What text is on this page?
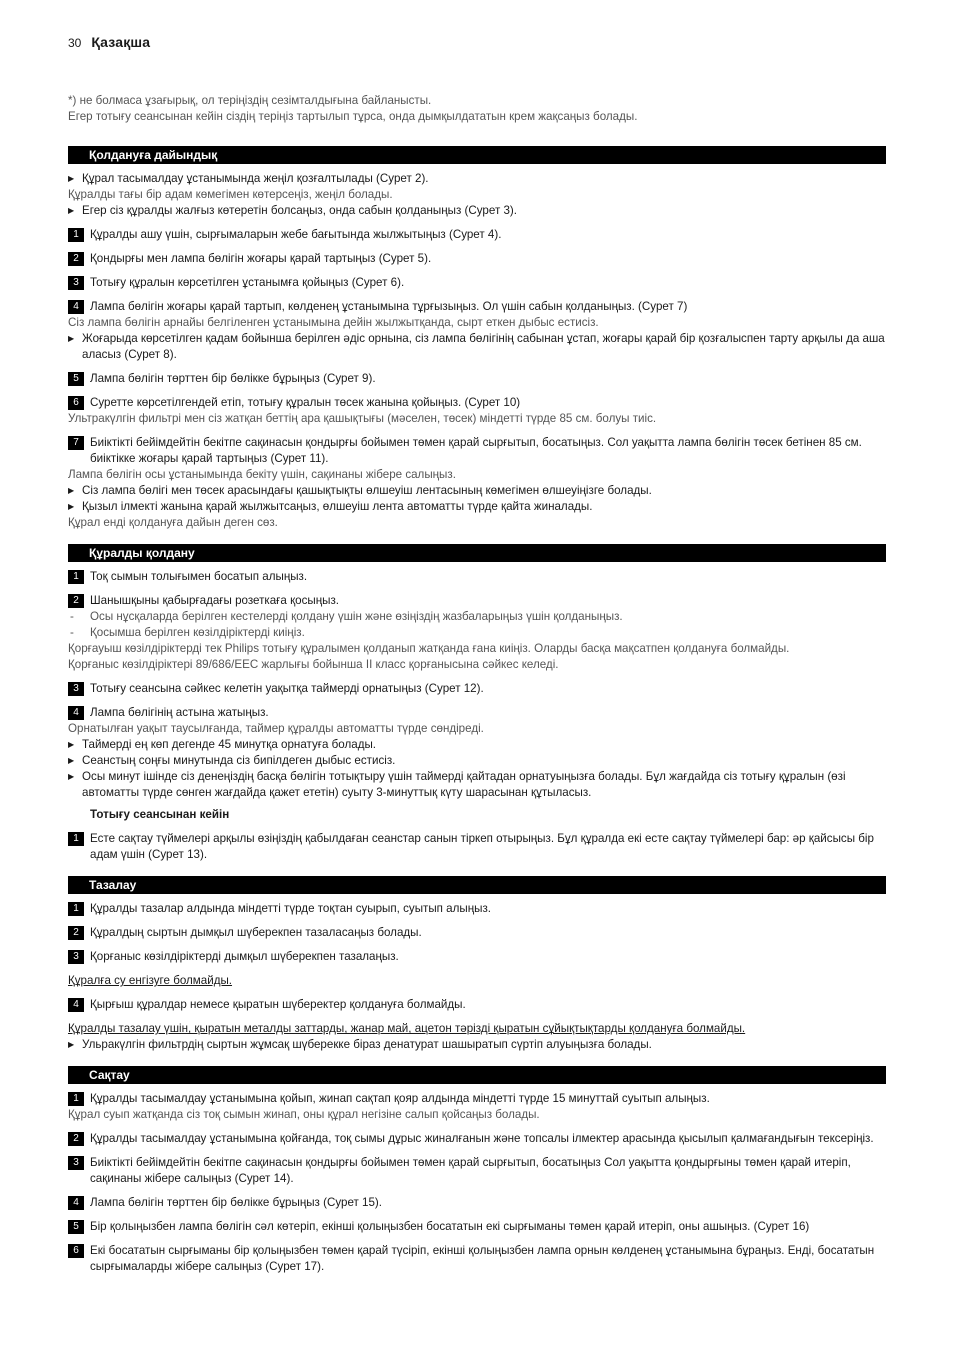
30 Қазақша
*) не болмаса ұзағырық, ол теріңіздің сезімталдығына байланысты.
Егер тотығу сеансынан кейін сіздің теріңіз тартылып тұрса, онда дымқылдататын крем жақсаңыз болады.
Қолдануға дайындық
▶ Құрал тасымалдау ұстанымында жеңіл қозғалтылады (Сурет 2).
Құралды тағы бір адам көмегімен көтерсеңіз, жеңіл болады.
▶ Егер сіз құралды жалғыз көтеретін болсаңыз, онда сабын қолданыңыз (Сурет 3).
1 Құралды ашу үшін, сырғымаларын жебе бағытында жылжытыңыз (Сурет 4).
2 Қондырғы мен лампа бөлігін жоғары қарай тартыңыз (Сурет 5).
3 Тотығу құралын көрсетілген ұстанымға қойыңыз (Сурет 6).
4 Лампа бөлігін жоғары қарай тартып, көлденең ұстанымына тұрғызыңыз. Ол үшін сабын қолданыңыз. (Сурет 7)
Сіз лампа бөлігін арнайы белгіленген ұстанымына дейін жылжытқанда, сырт еткен дыбыс естисіз.
▶ Жоғарыда көрсетілген қадам бойынша берілген әдіс орнына, сіз лампа бөлігінің сабынан ұстап, жоғары қарай бір қозғалыспен тарту арқылы да аша аласыз (Сурет 8).
5 Лампа бөлігін төрттен бір бөлікке бұрыңыз (Сурет 9).
6 Суретте көрсетілгендей етіп, тотығу құралын төсек жанына қойыңыз. (Сурет 10)
Ультракүлгін фильтрі мен сіз жатқан беттің ара қашықтығы (мәселен, төсек) міндетті түрде 85 см. болуы тиіс.
7 Биіктікті бейімдейтін бекітпе сақинасын қондырғы бойымен төмен қарай сырғытып, босатыңыз. Сол уақытта лампа бөлігін төсек бетінен 85 см. биіктікке жоғары қарай тартыңыз (Сурет 11).
Лампа бөлігін осы ұстанымында бекіту үшін, сақинаны жібере салыңыз.
▶ Сіз лампа бөлігі мен төсек арасындағы қашықтықты өлшеуіш лентасының көмегімен өлшеуіңізге болады.
▶ Қызыл ілмекті жанына қарай жылжытсаңыз, өлшеуіш лента автоматты түрде қайта жиналады.
Құрал енді қолдануға дайын деген сөз.
Құралды қолдану
1 Тоқ сымын толығымен босатып алыңыз.
2 Шанышқыны қабырғадағы розеткаға қосыңыз.
-	Осы нұсқаларда берілген кестелерді қолдану үшін және өзіңіздің жазбаларыңыз үшін қолданыңыз.
-	Қосымша берілген көзілдіріктерді киіңіз.
Қорғауыш көзілдіріктерді тек Philips тотығу құралымен қолданып жатқанда ғана киіңіз. Оларды басқа мақсатпен қолдануға болмайды.
Қорғаныс көзілдіріктері 89/686/EEC жарлығы бойынша II класс қорғанысына сәйкес келеді.
3 Тотығу сеансына сәйкес келетін уақытқа таймерді орнатыңыз (Сурет 12).
4 Лампа бөлігінің астына жатыңыз.
Орнатылған уақыт таусылғанда, таймер құралды автоматты түрде сөндіреді.
▶ Таймерді ең көп дегенде 45 минутқа орнатуға болады.
▶ Сеанстың соңғы минутында сіз бипілдеген дыбыс естисіз.
▶ Осы минут ішінде сіз денеңіздің басқа бөлігін тотықтыру үшін таймерді қайтадан орнатуыңызға болады. Бұл жағдайда сіз тотығу құралын (өзі автоматты түрде сөнген жағдайда қажет ететін) суыту 3-минуттық күту шарасынан құтыласыз.
Тотығу сеансынан кейін
1 Есте сақтау түймелері арқылы өзіңіздің қабылдаған сеанстар санын тіркеп отырыңыз. Бұл құралда екі есте сақтау түймелері бар: әр қайсысы бір адам үшін (Сурет 13).
Тазалау
1 Құралды тазалар алдында міндетті түрде тоқтан суырып, суытып алыңыз.
2 Құралдың сыртын дымқыл шүберекпен тазаласаңыз болады.
3 Қорғаныс көзілдіріктерді дымқыл шүберекпен тазалаңыз.
Құралға су енгізуге болмайды.
4 Қырғыш құралдар немесе қыратын шүберектер қолдануға болмайды.
Құралды тазалау үшін, қыратын металды заттарды, жанар май, ацетон тәрізді қыратын сұйықтықтарды қолдануға болмайды.
▶ Ульракүлгін фильтрдің сыртын жұмсақ шүберекке біраз денатурат шашыратып сүртіп алуыңызға болады.
Сақтау
1 Құралды тасымалдау ұстанымына қойып, жинап сақтап қояр алдында міндетті түрде 15 минуттай суытып алыңыз.
Құрал суып жатқанда сіз тоқ сымын жинап, оны құрал негізіне салып қойсаңыз болады.
2 Құралды тасымалдау ұстанымына қойғанда, тоқ сымы дұрыс жиналғанын және топсалы ілмектер арасында қысылып қалмағандығын тексеріңіз.
3 Биіктікті бейімдейтін бекітпе сақинасын қондырғы бойымен төмен қарай сырғытып, босатыңыз Сол уақытта қондырғыны төмен қарай итеріп, сақинаны жібере салыңыз (Сурет 14).
4 Лампа бөлігін төрттен бір бөлікке бұрыңыз (Сурет 15).
5 Бір қолыңызбен лампа бөлігін сәл көтеріп, екінші қолыңызбен босататын екі сырғыманы төмен қарай итеріп, оны ашыңыз. (Сурет 16)
6 Екі босататын сырғыманы бір қолыңызбен төмен қарай түсіріп, екінші қолыңызбен лампа орнын көлденең ұстанымына бұраңыз. Енді, босататын сырғымаларды жібере салыңыз (Сурет 17).
